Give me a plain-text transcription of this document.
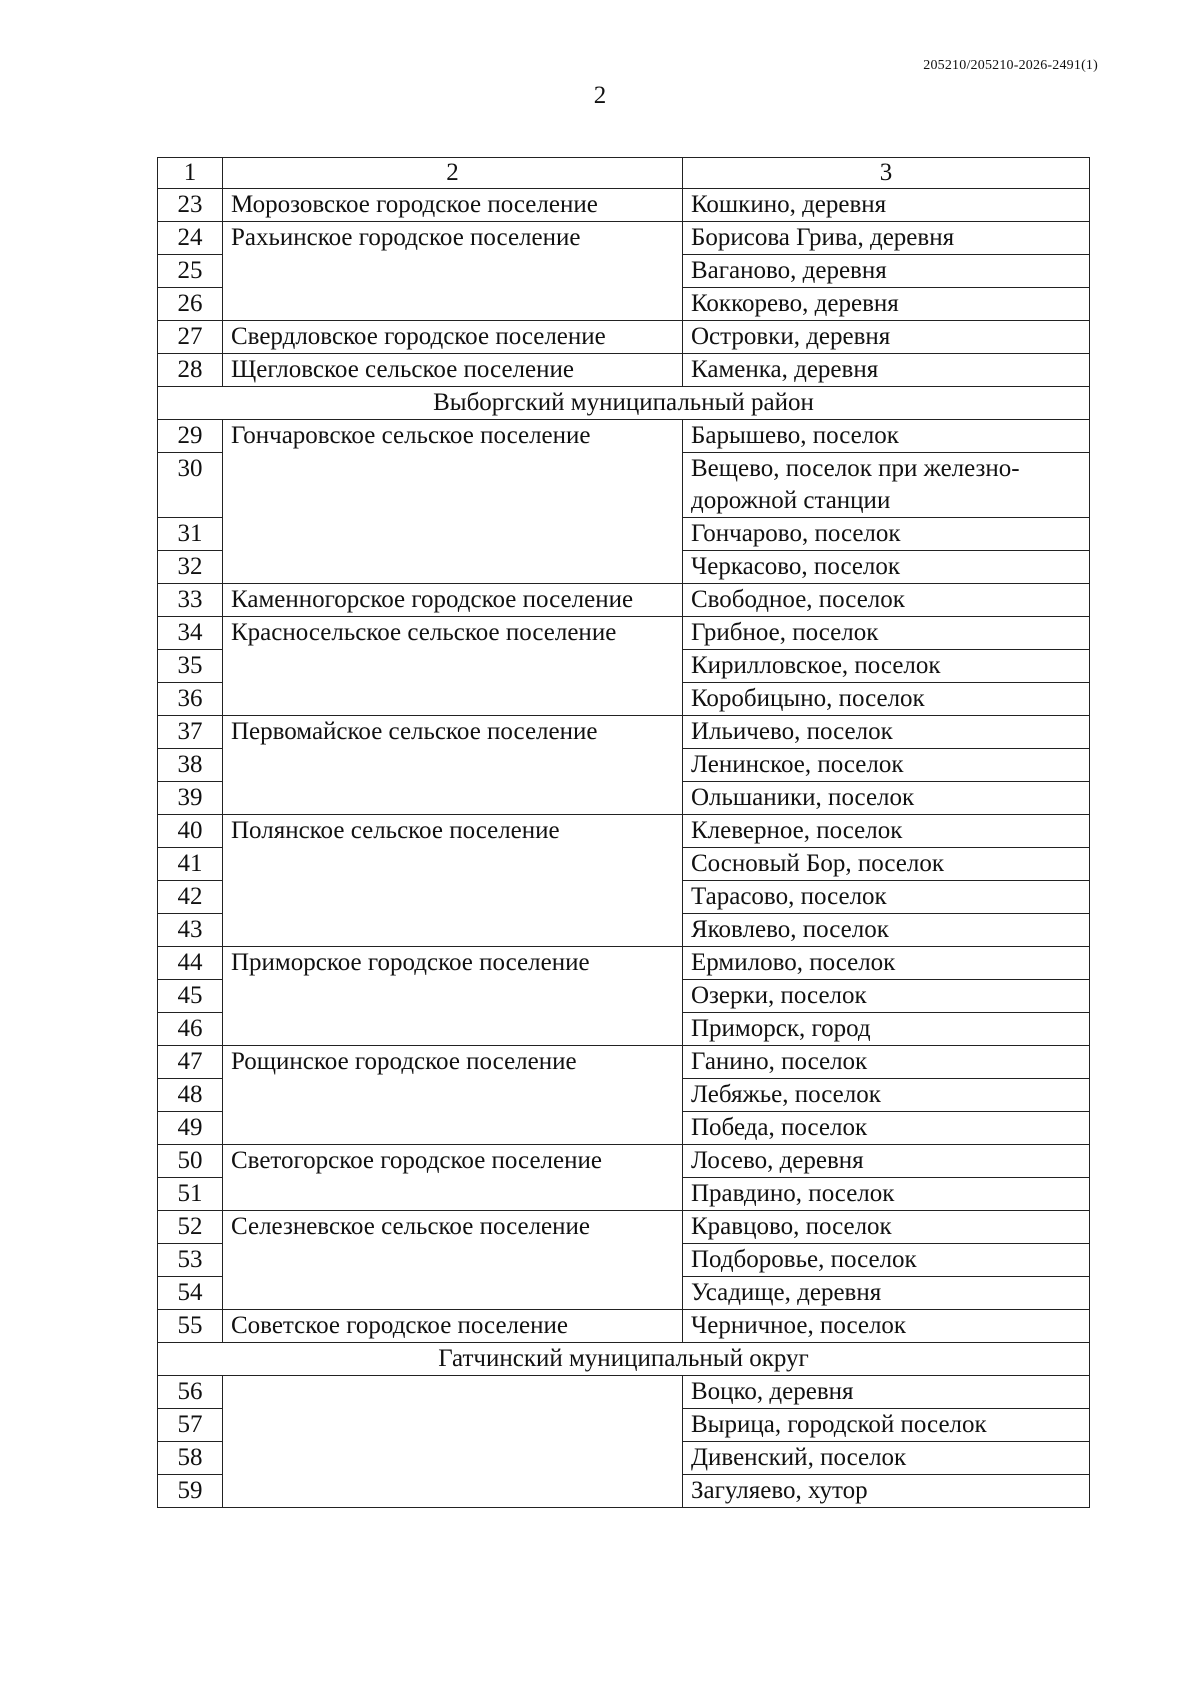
205210/205210-2026-2491(1)
2
1	2	3
23	Морозовское городское поселение	Кошкино, деревня
24	Рахьинское городское поселение	Борисова Грива, деревня
25		Ваганово, деревня
26		Коккорево, деревня
27	Свердловское городское поселение	Островки, деревня
28	Щегловское сельское поселение	Каменка, деревня
Выборгский муниципальный район		
29	Гончаровское сельское поселение	Барышево, поселок
30		Вещево, поселок при железно-дорожной станции
31		Гончарово, поселок
32		Черкасово, поселок
33	Каменногорское городское поселение	Свободное, поселок
34	Красносельское сельское поселение	Грибное, поселок
35		Кирилловское, поселок
36		Коробицыно, поселок
37	Первомайское сельское поселение	Ильичево, поселок
38		Ленинское, поселок
39		Ольшаники, поселок
40	Полянское сельское поселение	Клеверное, поселок
41		Сосновый Бор, поселок
42		Тарасово, поселок
43		Яковлево, поселок
44	Приморское городское поселение	Ермилово, поселок
45		Озерки, поселок
46		Приморск, город
47	Рощинское городское поселение	Ганино, поселок
48		Лебяжье, поселок
49		Победа, поселок
50	Светогорское городское поселение	Лосево, деревня
51		Правдино, поселок
52	Селезневское сельское поселение	Кравцово, поселок
53		Подборовье, поселок
54		Усадище, деревня
55	Советское городское поселение	Черничное, поселок
Гатчинский муниципальный округ		
56		Воцко, деревня
57		Вырица, городской поселок
58		Дивенский, поселок
59		Загуляево, хутор
